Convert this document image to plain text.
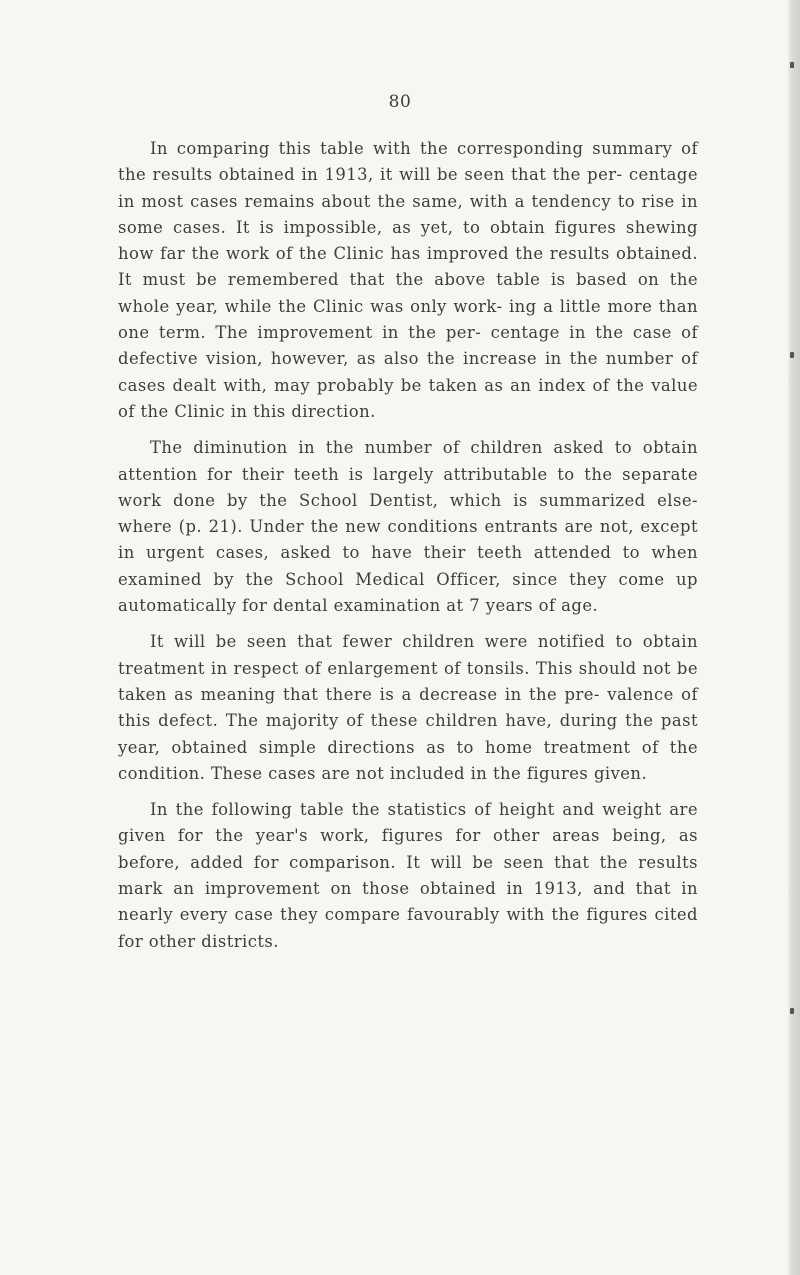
80

In comparing this table with the corresponding summary of the results obtained in 1913, it will be seen that the per- centage in most cases remains about the same, with a tendency to rise in some cases. It is impossible, as yet, to obtain figures shewing how far the work of the Clinic has improved the results obtained. It must be remembered that the above table is based on the whole year, while the Clinic was only work- ing a little more than one term. The improvement in the per- centage in the case of defective vision, however, as also the increase in the number of cases dealt with, may probably be taken as an index of the value of the Clinic in this direction.

The diminution in the number of children asked to obtain attention for their teeth is largely attributable to the separate work done by the School Dentist, which is summarized else- where (p. 21). Under the new conditions entrants are not, except in urgent cases, asked to have their teeth attended to when examined by the School Medical Officer, since they come up automatically for dental examination at 7 years of age.

It will be seen that fewer children were notified to obtain treatment in respect of enlargement of tonsils. This should not be taken as meaning that there is a decrease in the pre- valence of this defect. The majority of these children have, during the past year, obtained simple directions as to home treatment of the condition. These cases are not included in the figures given.

In the following table the statistics of height and weight are given for the year's work, figures for other areas being, as before, added for comparison. It will be seen that the results mark an improvement on those obtained in 1913, and that in nearly every case they compare favourably with the figures cited for other districts.
